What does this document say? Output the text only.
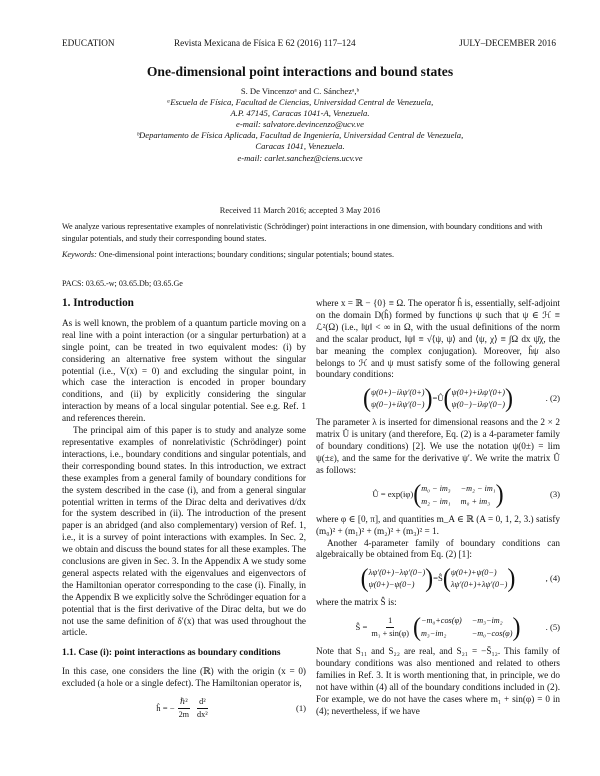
EDUCATION	Revista Mexicana de Física E 62 (2016) 117–124	JULY–DECEMBER 2016
One-dimensional point interactions and bound states
S. De Vincenzoᵃ and C. Sánchezᵃ,ᵇ
ᵃEscuela de Física, Facultad de Ciencias, Universidad Central de Venezuela,
A.P. 47145, Caracas 1041-A, Venezuela.
e-mail: salvatore.devincenzo@ucv.ve
ᵇDepartamento de Física Aplicada, Facultad de Ingeniería, Universidad Central de Venezuela,
Caracas 1041, Venezuela.
e-mail: carlet.sanchez@ciens.ucv.ve
Received 11 March 2016; accepted 3 May 2016
We analyze various representative examples of nonrelativistic (Schrödinger) point interactions in one dimension, with boundary conditions and with singular potentials, and study their corresponding bound states.
Keywords: One-dimensional point interactions; boundary conditions; singular potentials; bound states.
PACS: 03.65.-w; 03.65.Db; 03.65.Ge
1. Introduction

As is well known, the problem of a quantum particle moving on a real line with a point interaction (or a singular perturbation) at a single point, can be treated in two equivalent modes: (i) by considering an alternative free system without the singular potential (i.e., V(x) = 0) and excluding the singular point, in which case the interaction is encoded in proper boundary conditions, and (ii) by explicitly considering the singular interaction by means of a local singular potential. See e.g. Ref. 1 and references therein.

The principal aim of this paper is to study and analyze some representative examples of nonrelativistic (Schrödinger) point interactions, i.e., boundary conditions and singular potentials, and their corresponding bound states. In this introduction, we extract these examples from a general family of boundary conditions for the system described in the case (i), and from a general singular potential written in terms of the Dirac delta and derivatives d/dx for the system described in (ii). The introduction of the present paper is an abridged (and also complementary) version of Ref. 1, i.e., it is a survey of point interactions with examples. In Sec. 2, we obtain and discuss the bound states for all these examples. The conclusions are given in Sec. 3. In the Appendix A we study some general aspects related with the eigenvalues and eigenvectors of the Hamiltonian operator corresponding to the case (i). Finally, in the Appendix B we explicitly solve the Schrödinger equation for a potential that is the first derivative of the Dirac delta, but we do not use the same definition of δ′(x) that was used throughout the article.

1.1. Case (i): point interactions as boundary conditions

In this case, one considers the line (ℝ) with the origin (x = 0) excluded (a hole or a single defect). The Hamiltonian operator is,

ĥ = − $\frac{\text{ℏ²}}{2m} \frac{\text{d²}}{\text{dx²}}$	(1)

where x = ℝ − {0} ≡ Ω. The operator ĥ is, essentially, self-adjoint on the domain D(ĥ) formed by functions ψ such that ψ ∈ ℋ ≡ ℒ²(Ω) (i.e., ‖ψ‖ < ∞ in Ω, with the usual definitions of the norm and the scalar product, ‖ψ‖ ≡ √⟨ψ, ψ⟩ and ⟨ψ, χ⟩ ≡ ∫Ω dx ψ̄χ, the bar meaning the complex conjugation). Moreover, ĥψ also belongs to ℋ and ψ must satisfy some of the following general boundary conditions:

( ψ(0+)−iλψ′(0+)
ψ(0−)+iλψ′(0−) ) =Û ( ψ(0+)+iλψ′(0+)
ψ(0−)−iλψ′(0−) )	. (2)

The parameter λ is inserted for dimensional reasons and the 2 × 2 matrix Û is unitary (and therefore, Eq. (2) is a 4-parameter family of boundary conditions) [2]. We use the notation ψ(0±) = lim ψ(±ε), and the same for the derivative ψ′. We write the matrix Û as follows:

Û = exp(iφ) ( m₀ − im₃ −m₂ − im₁
m₂ − im₁ m₀ + im₃ )	(3)

where φ ∈ [0, π], and quantities m_A ∈ ℝ (A = 0, 1, 2, 3.) satisfy (m₀)² + (m₁)² + (m₂)² + (m₃)² = 1.

Another 4-parameter family of boundary conditions can algebraically be obtained from Eq. (2) [1]:

( λψ′(0+)−λψ′(0−)
ψ(0+)−ψ(0−) ) =Ŝ ( ψ(0+)+ψ(0−)
λψ′(0+)+λψ′(0−) )	, (4)

where the matrix Ŝ is:

Ŝ = $\frac{1}{\text{m₁ + sin(φ)}}$ ( −m₀+cos(φ) −m₃−im₂
m₃−im₂	−m₀−cos(φ) )	. (5)

Note that S₁₁ and S₂₂ are real, and S₂₁ = −S̄₁₂. This family of boundary conditions was also mentioned and related to others families in Ref. 3. It is worth mentioning that, in principle, we do not have within (4) all of the boundary conditions included in (2). For example, we do not have the cases where m₁ + sin(φ) = 0 in (4); nevertheless, if we have
